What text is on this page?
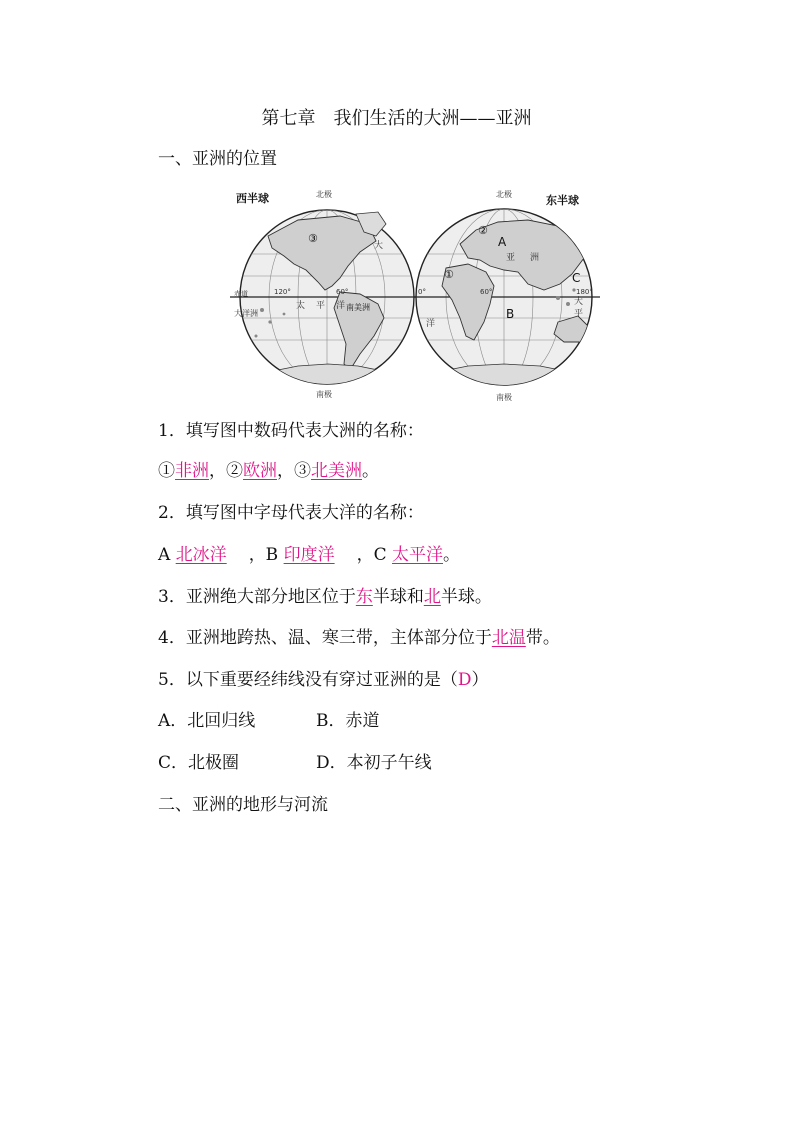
第七章　我们生活的大洲——亚洲
一、亚洲的位置
西半球	北极
南极
③
大
太 平 洋
大洋洲
南美洲
赤道	120°	60°
东半球
北极
南极
②
①
亚 洲
洋
大
平
A
B
C
0°	60°	180°
1．填写图中数码代表大洲的名称：
①非洲，②欧洲，③北美洲。
2．填写图中字母代表大洋的名称：
A 北冰洋 ，B 印度洋 ，C 太平洋。
3．亚洲绝大部分地区位于东半球和北半球。
4．亚洲地跨热、温、寒三带，主体部分位于北温带。
5．以下重要经纬线没有穿过亚洲的是（D）
A．北回归线	B．赤道
C．北极圈	D．本初子午线
二、亚洲的地形与河流
